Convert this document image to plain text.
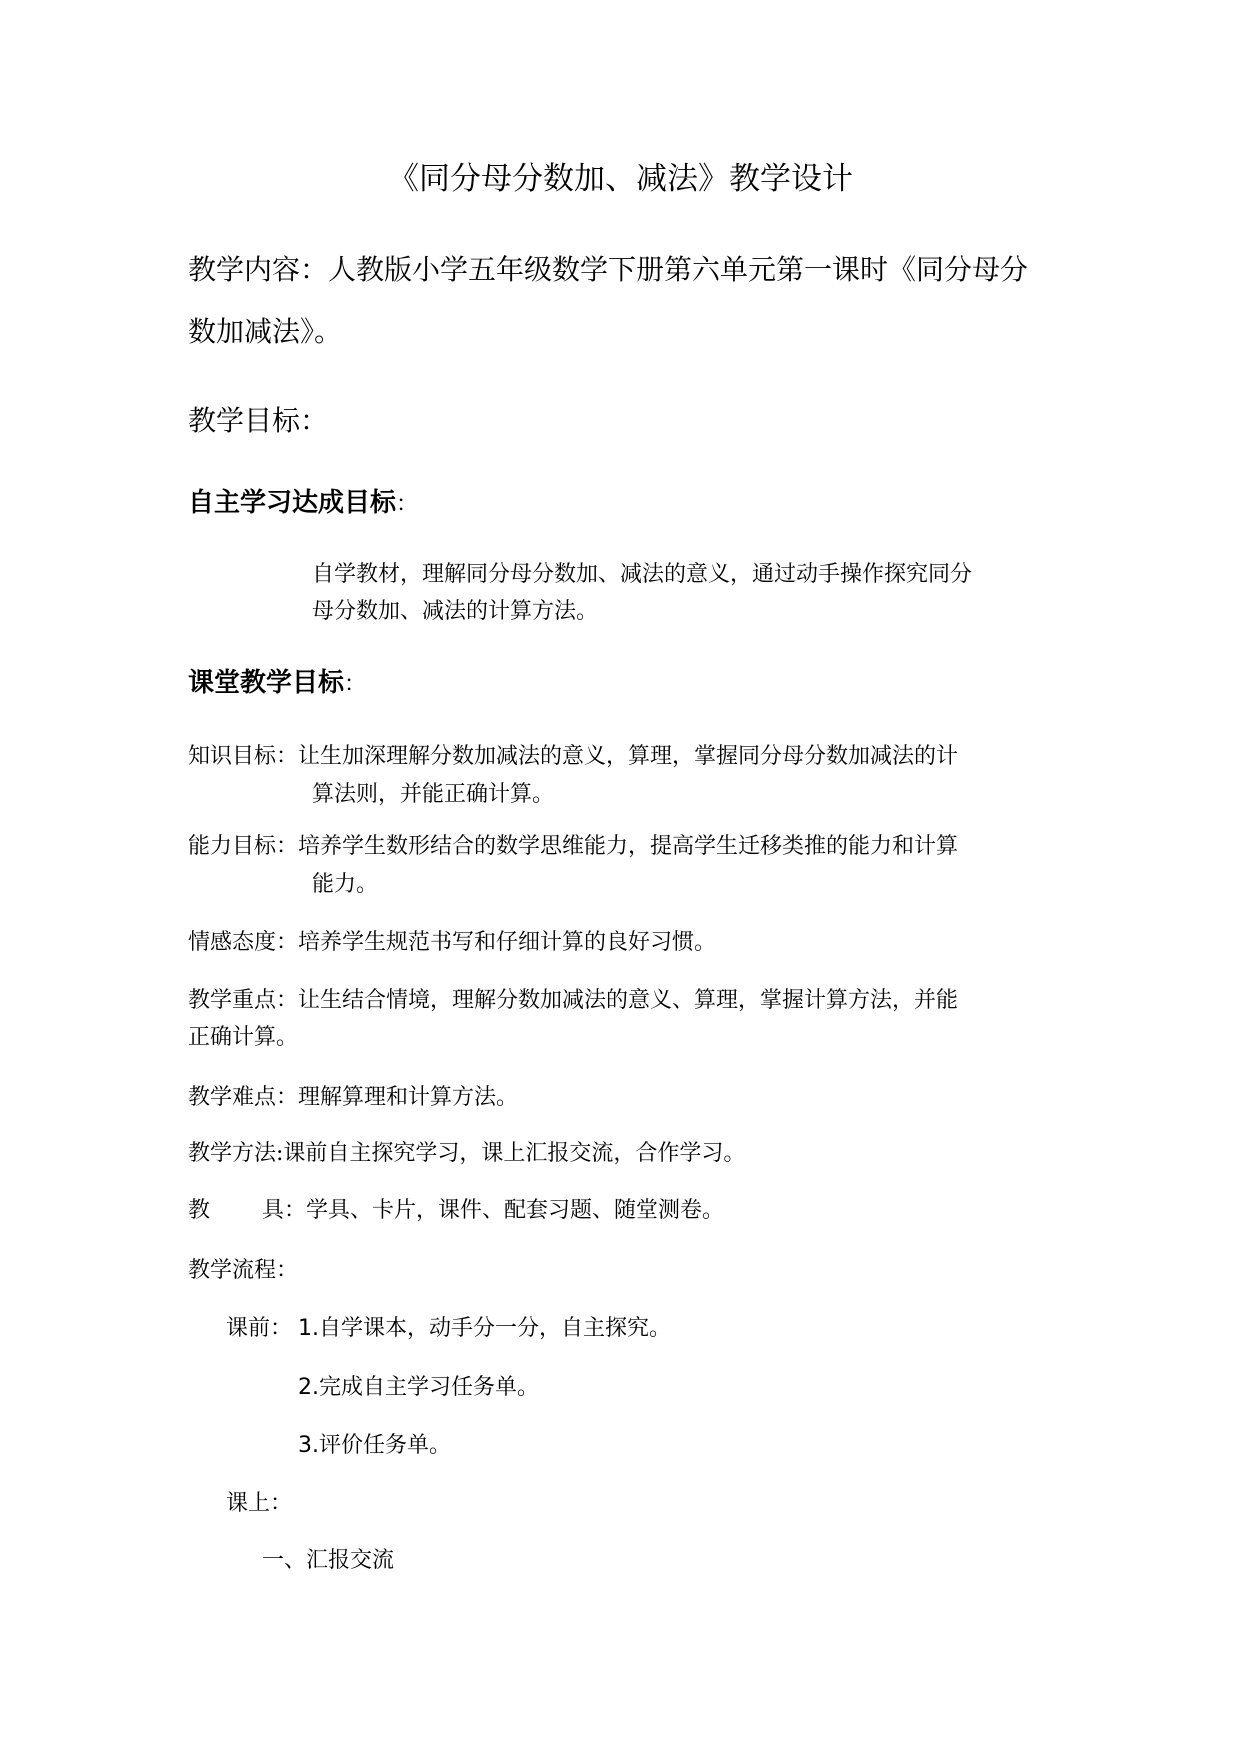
《同分母分数加、减法》教学设计
教学内容：人教版小学五年级数学下册第六单元第一课时《同分母分
数加减法》。
教学目标：
自主学习达成目标：
自学教材，理解同分母分数加、减法的意义，通过动手操作探究同分
母分数加、减法的计算方法。
课堂教学目标：
知识目标：让生加深理解分数加减法的意义，算理，掌握同分母分数加减法的计
算法则，并能正确计算。
能力目标：培养学生数形结合的数学思维能力，提高学生迁移类推的能力和计算
能力。
情感态度：培养学生规范书写和仔细计算的良好习惯。
教学重点：让生结合情境，理解分数加减法的意义、算理，掌握计算方法，并能
正确计算。
教学难点：理解算理和计算方法。
教学方法:课前自主探究学习，课上汇报交流，合作学习。
教 具：学具、卡片，课件、配套习题、随堂测卷。
教学流程：
课前： 1.自学课本，动手分一分，自主探究。
2.完成自主学习任务单。
3.评价任务单。
课上：
一、汇报交流
